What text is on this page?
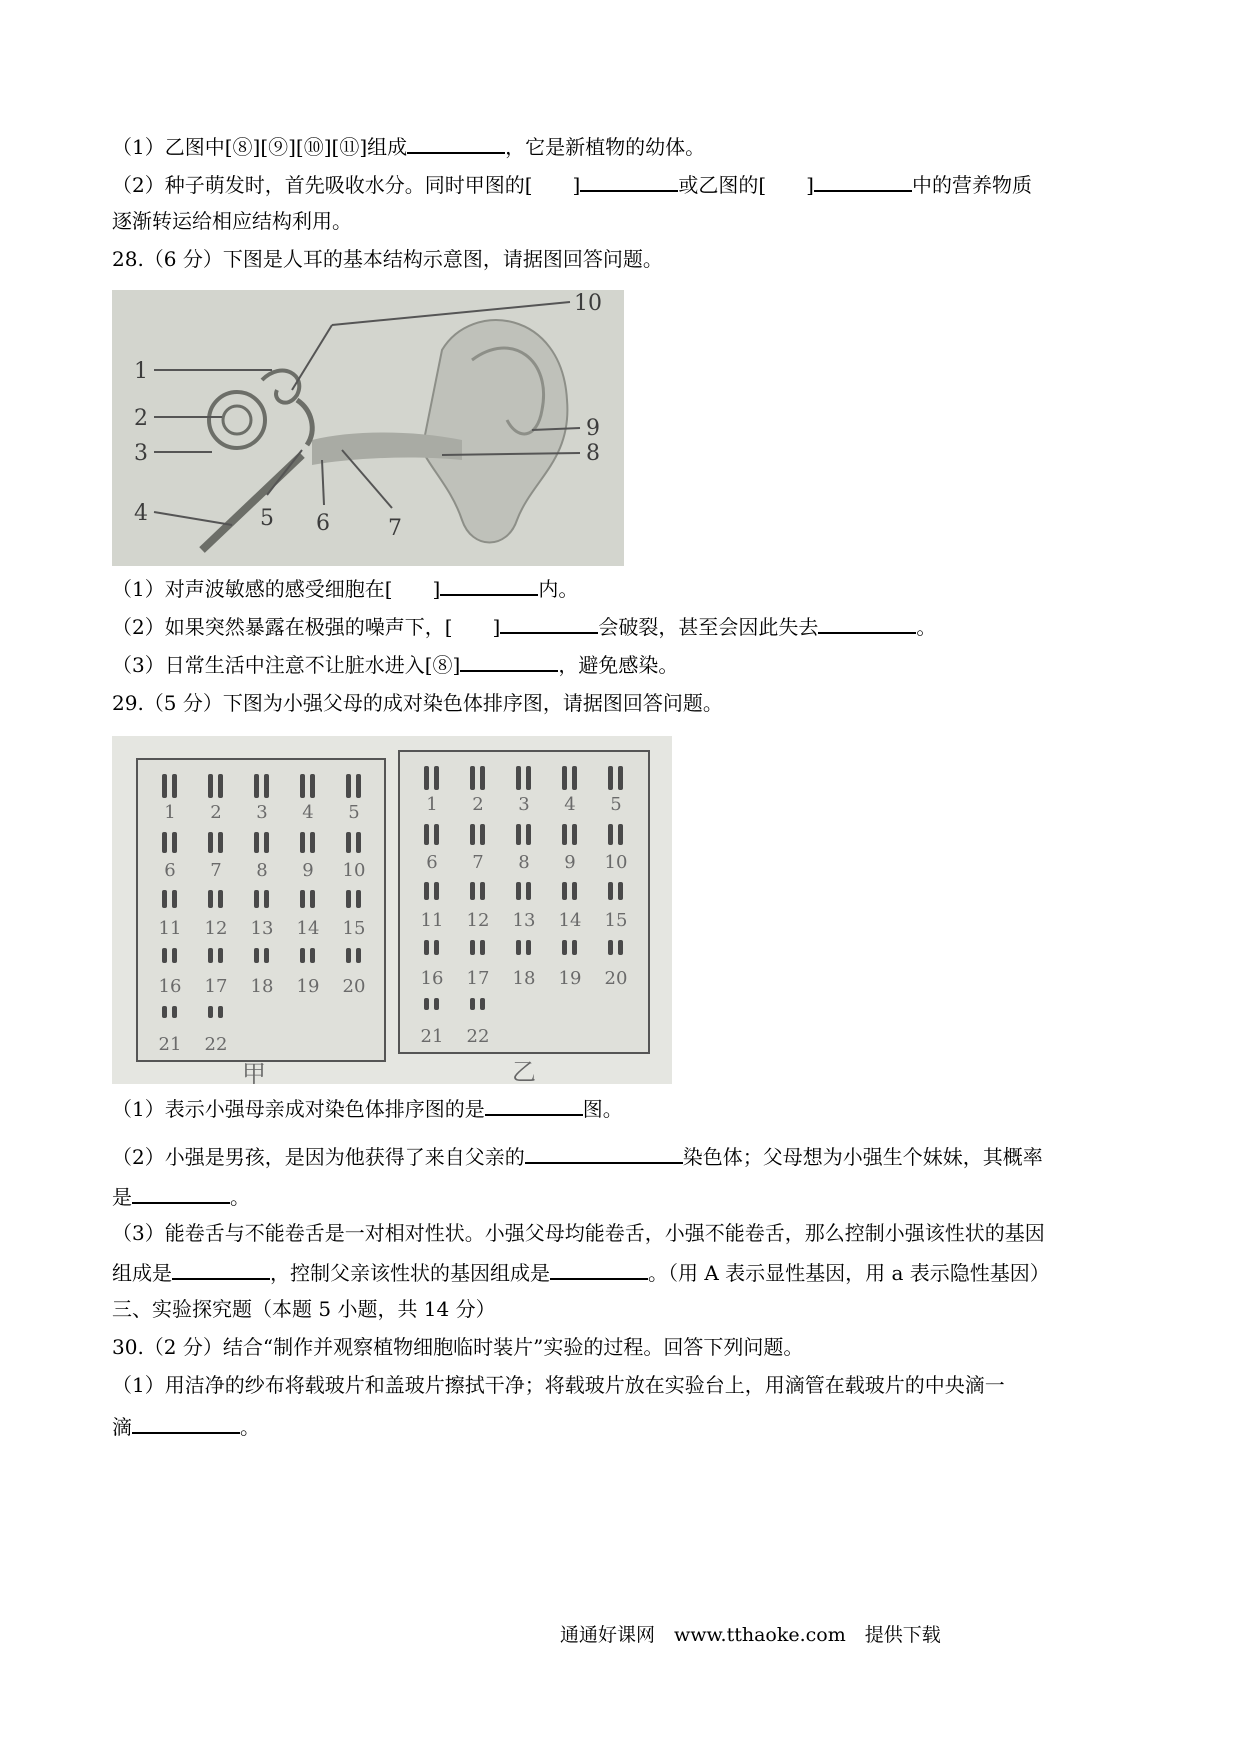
（1）乙图中[⑧][⑨][⑩][⑪]组成	，它是新植物的幼体。
（2）种子萌发时，首先吸收水分。同时甲图的[　　]	或乙图的[　　]	中的营养物质
逐渐转运给相应结构利用。
28.（6 分）下图是人耳的基本结构示意图，请据图回答问题。
1
2
3
4	5 6	7
8
9
10
（1）对声波敏感的感受细胞在[　　]	内。
（2）如果突然暴露在极强的噪声下，[　　]	会破裂，甚至会因此失去	。
（3）日常生活中注意不让脏水进入[⑧]	，避免感染。
29.（5 分）下图为小强父母的成对染色体排序图，请据图回答问题。
1	2	3	4	5
6	7	8	9	10
11	12	13	14	15
16	17	18	19	20
21	22
1	2	3	4	5
6	7	8	9	10
11	12	13	14	15
16	17	18	19	20
21	22
甲	乙
（1）表示小强母亲成对染色体排序图的是	图。
（2）小强是男孩，是因为他获得了来自父亲的	染色体；父母想为小强生个妹妹，其概率
是	。
（3）能卷舌与不能卷舌是一对相对性状。小强父母均能卷舌，小强不能卷舌，那么控制小强该性状的基因
组成是	，控制父亲该性状的基因组成是	。（用 A 表示显性基因，用 a 表示隐性基因）
三、实验探究题（本题 5 小题，共 14 分）
30.（2 分）结合“制作并观察植物细胞临时装片”实验的过程。回答下列问题。
（1）用洁净的纱布将载玻片和盖玻片擦拭干净；将载玻片放在实验台上，用滴管在载玻片的中央滴一
滴	。
通通好课网　www.tthaoke.com　提供下载
